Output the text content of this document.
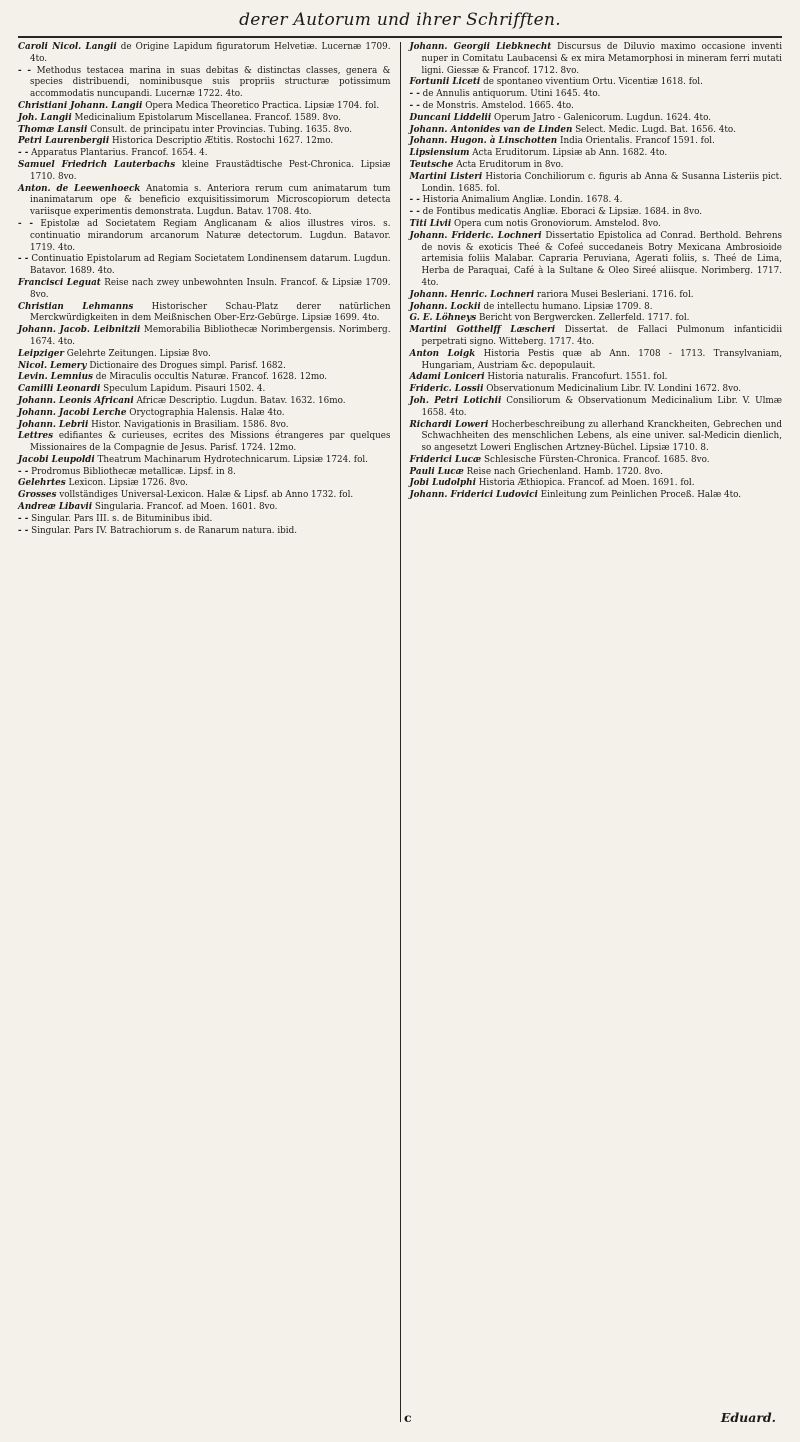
derer Autorum und ihrer Schrifften.

Caroli Nicol. Langii de Origine Lapidum figuratorum Helvetiæ. Lucernæ 1709. 4to.

- - Methodus testacea marina in suas debitas & distinctas classes, genera & species distribuendi, nominibusque suis propriis structuræ potissimum accommodatis nuncupandi. Lucernæ 1722. 4to.

Christiani Johann. Langii Opera Medica Theoretico Practica. Lipsiæ 1704. fol.

Joh. Langii Medicinalium Epistolarum Miscellanea. Francof. 1589. 8vo.

Thomæ Lansii Consult. de principatu inter Provincias. Tubing. 1635. 8vo.

Petri Laurenbergii Historica Descriptio Ætitis. Rostochi 1627. 12mo.

- - Apparatus Plantarius. Francof. 1654. 4.

Samuel Friedrich Lauterbachs kleine Fraustädtische Pest-Chronica. Lipsiæ 1710. 8vo.

Anton. de Leewenhoeck Anatomia s. Anteriora rerum cum animatarum tum inanimatarum ope & beneficio exquisitissimorum Microscopiorum detecta variisque experimentis demonstrata. Lugdun. Batav. 1708. 4to.

- - Epistolæ ad Societatem Regiam Anglicanam & alios illustres viros. s. continuatio mirandorum arcanorum Naturæ detectorum. Lugdun. Batavor. 1719. 4to.

- - Continuatio Epistolarum ad Regiam Societatem Londinensem datarum. Lugdun. Batavor. 1689. 4to.

Francisci Leguat Reise nach zwey unbewohnten Insuln. Francof. & Lipsiæ 1709. 8vo.

Christian Lehmanns Historischer Schau-Platz derer natürlichen Merckwürdigkeiten in dem Meißnischen Ober-Erz-Gebürge. Lipsiæ 1699. 4to.

Johann. Jacob. Leibnitzii Memorabilia Bibliothecæ Norimbergensis. Norimberg. 1674. 4to.

Leipziger Gelehrte Zeitungen. Lipsiæ 8vo.

Nicol. Lemery Dictionaire des Drogues simpl. Parisf. 1682.

Levin. Lemnius de Miraculis occultis Naturæ. Francof. 1628. 12mo.

Camilli Leonardi Speculum Lapidum. Pisauri 1502. 4.

Johann. Leonis Africani Africæ Descriptio. Lugdun. Batav. 1632. 16mo.

Johann. Jacobi Lerche Oryctographia Halensis. Halæ 4to.

Johann. Lebrii Histor. Navigationis in Brasiliam. 1586. 8vo.

Lettres edifiantes & curieuses, ecrites des Missions étrangeres par quelques Missionaires de la Compagnie de Jesus. Parisf. 1724. 12mo.

Jacobi Leupoldi Theatrum Machinarum Hydrotechnicarum. Lipsiæ 1724. fol.

- - Prodromus Bibliothecæ metallicæ. Lipsf. in 8.

Gelehrtes Lexicon. Lipsiæ 1726. 8vo.

Grosses vollständiges Universal-Lexicon. Halæ & Lipsf. ab Anno 1732. fol.

Andreæ Libavii Singularia. Francof. ad Moen. 1601. 8vo.

- - Singular. Pars III. s. de Bituminibus ibid.

- - Singular. Pars IV. Batrachiorum s. de Ranarum natura. ibid.

Johann. Georgii Liebknecht Discursus de Diluvio maximo occasione inventi nuper in Comitatu Laubacensi & ex mira Metamorphosi in mineram ferri mutati ligni. Giessæ & Francof. 1712. 8vo.

Fortunii Liceti de spontaneo viventium Ortu. Vicentiæ 1618. fol.

- - de Annulis antiquorum. Utini 1645. 4to.

- - de Monstris. Amstelod. 1665. 4to.

Duncani Liddelii Operum Jatro - Galenicorum. Lugdun. 1624. 4to.

Johann. Antonides van de Linden Select. Medic. Lugd. Bat. 1656. 4to.

Johann. Hugon. à Linschotten India Orientalis. Francof 1591. fol.

Lipsiensium Acta Eruditorum. Lipsiæ ab Ann. 1682. 4to.

Teutsche Acta Eruditorum in 8vo.

Martini Listeri Historia Conchiliorum c. figuris ab Anna & Susanna Listeriis pict. Londin. 1685. fol.

- - Historia Animalium Angliæ. Londin. 1678. 4.

- - de Fontibus medicatis Angliæ. Eboraci & Lipsiæ. 1684. in 8vo.

Titi Livii Opera cum notis Gronoviorum. Amstelod. 8vo.

Johann. Frideric. Lochneri Dissertatio Epistolica ad Conrad. Berthold. Behrens de novis & exoticis Theé & Cofeé succedaneis Botry Mexicana Ambrosioide artemisia foliis Malabar. Capraria Peruviana, Agerati foliis, s. Theé de Lima, Herba de Paraquai, Café à la Sultane & Oleo Sireé aliisque. Norimberg. 1717. 4to.

Johann. Henric. Lochneri rariora Musei Besleriani. 1716. fol.

Johann. Lockii de intellectu humano. Lipsiæ 1709. 8.

G. E. Löhneys Bericht von Bergwercken. Zellerfeld. 1717. fol.

Martini Gotthelff Læscheri Dissertat. de Fallaci Pulmonum infanticidii perpetrati signo. Witteberg. 1717. 4to.

Anton Loigk Historia Pestis quæ ab Ann. 1708 - 1713. Transylvaniam, Hungariam, Austriam &c. depopulauit.

Adami Loniceri Historia naturalis. Francofurt. 1551. fol.

Frideric. Lossii Observationum Medicinalium Libr. IV. Londini 1672. 8vo.

Joh. Petri Lotichii Consiliorum & Observationum Medicinalium Libr. V. Ulmæ 1658. 4to.

Richardi Loweri Hocherbeschreibung zu allerhand Kranckheiten, Gebrechen und Schwachheiten des menschlichen Lebens, als eine univer. sal-Medicin dienlich, so angesetzt Loweri Englischen Artzney-Büchel. Lipsiæ 1710. 8.

Friderici Lucæ Schlesische Fürsten-Chronica. Francof. 1685. 8vo.

Pauli Lucæ Reise nach Griechenland. Hamb. 1720. 8vo.

Jobi Ludolphi Historia Æthiopica. Francof. ad Moen. 1691. fol.

Johann. Friderici Ludovici Einleitung zum Peinlichen Proceß. Halæ 4to.

c	Eduard.
